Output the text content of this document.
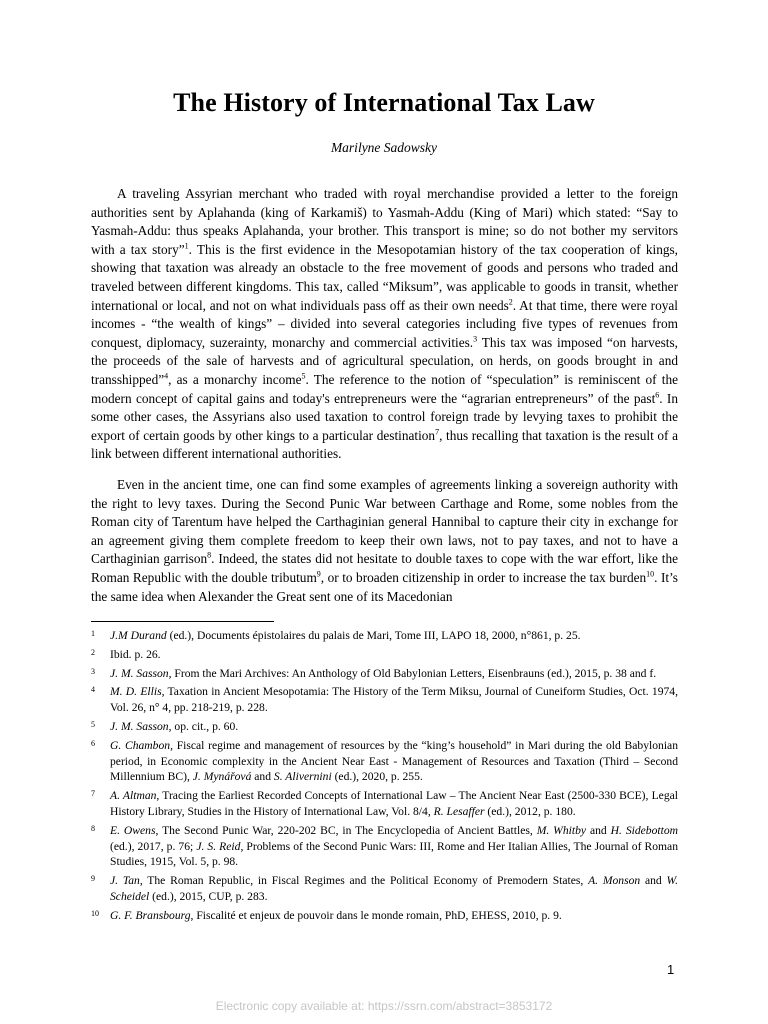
The History of International Tax Law
Marilyne Sadowsky

A traveling Assyrian merchant who traded with royal merchandise provided a letter to the foreign authorities sent by Aplahanda (king of Karkamiš) to Yasmah-Addu (King of Mari) which stated: “Say to Yasmah-Addu: thus speaks Aplahanda, your brother. This transport is mine; so do not bother my servitors with a tax story”$^1$. This is the first evidence in the Mesopotamian history of the tax cooperation of kings, showing that taxation was already an obstacle to the free movement of goods and persons who traded and traveled between different kingdoms. This tax, called “Miksum”, was applicable to goods in transit, whether international or local, and not on what individuals pass off as their own needs$^2$. At that time, there were royal incomes - “the wealth of kings” – divided into several categories including five types of revenues from conquest, diplomacy, suzerainty, monarchy and commercial activities.$^3$ This tax was imposed “on harvests, the proceeds of the sale of harvests and of agricultural speculation, on herds, on goods brought in and transshipped”$^4$, as a monarchy income$^5$. The reference to the notion of “speculation” is reminiscent of the modern concept of capital gains and today's entrepreneurs were the “agrarian entrepreneurs” of the past$^6$. In some other cases, the Assyrians also used taxation to control foreign trade by levying taxes to prohibit the export of certain goods by other kings to a particular destination$^7$, thus recalling that taxation is the result of a link between different international authorities.

Even in the ancient time, one can find some examples of agreements linking a sovereign authority with the right to levy taxes. During the Second Punic War between Carthage and Rome, some nobles from the Roman city of Tarentum have helped the Carthaginian general Hannibal to capture their city in exchange for an agreement giving them complete freedom to keep their own laws, not to pay taxes, and not to have a Carthaginian garrison$^8$. Indeed, the states did not hesitate to double taxes to cope with the war effort, like the Roman Republic with the double tributum$^9$, or to broaden citizenship in order to increase the tax burden$^{10}$. It’s the same idea when Alexander the Great sent one of its Macedonian

1	J.M Durand (ed.), Documents épistolaires du palais de Mari, Tome III, LAPO 18, 2000, n°861, p. 25.
2	Ibid. p. 26.
3	J. M. Sasson, From the Mari Archives: An Anthology of Old Babylonian Letters, Eisenbrauns (ed.), 2015, p. 38 and f.
4	M. D. Ellis, Taxation in Ancient Mesopotamia: The History of the Term Miksu, Journal of Cuneiform Studies, Oct. 1974, Vol. 26, n° 4, pp. 218-219, p. 228.
5	J. M. Sasson, op. cit., p. 60.
6	G. Chambon, Fiscal regime and management of resources by the “king’s household” in Mari during the old Babylonian period, in Economic complexity in the Ancient Near East - Management of Resources and Taxation (Third – Second Millennium BC), J. Mynářová and S. Alivernini (ed.), 2020, p. 255.
7	A. Altman, Tracing the Earliest Recorded Concepts of International Law – The Ancient Near East (2500-330 BCE), Legal History Library, Studies in the History of International Law, Vol. 8/4, R. Lesaffer (ed.), 2012, p. 180.
8	E. Owens, The Second Punic War, 220-202 BC, in The Encyclopedia of Ancient Battles, M. Whitby and H. Sidebottom (ed.), 2017, p. 76; J. S. Reid, Problems of the Second Punic Wars: III, Rome and Her Italian Allies, The Journal of Roman Studies, 1915, Vol. 5, p. 98.
9	J. Tan, The Roman Republic, in Fiscal Regimes and the Political Economy of Premodern States, A. Monson and W. Scheidel (ed.), 2015, CUP, p. 283.
10 G. F. Bransbourg, Fiscalité et enjeux de pouvoir dans le monde romain, PhD, EHESS, 2010, p. 9.
1
Electronic copy available at: https://ssrn.com/abstract=3853172
